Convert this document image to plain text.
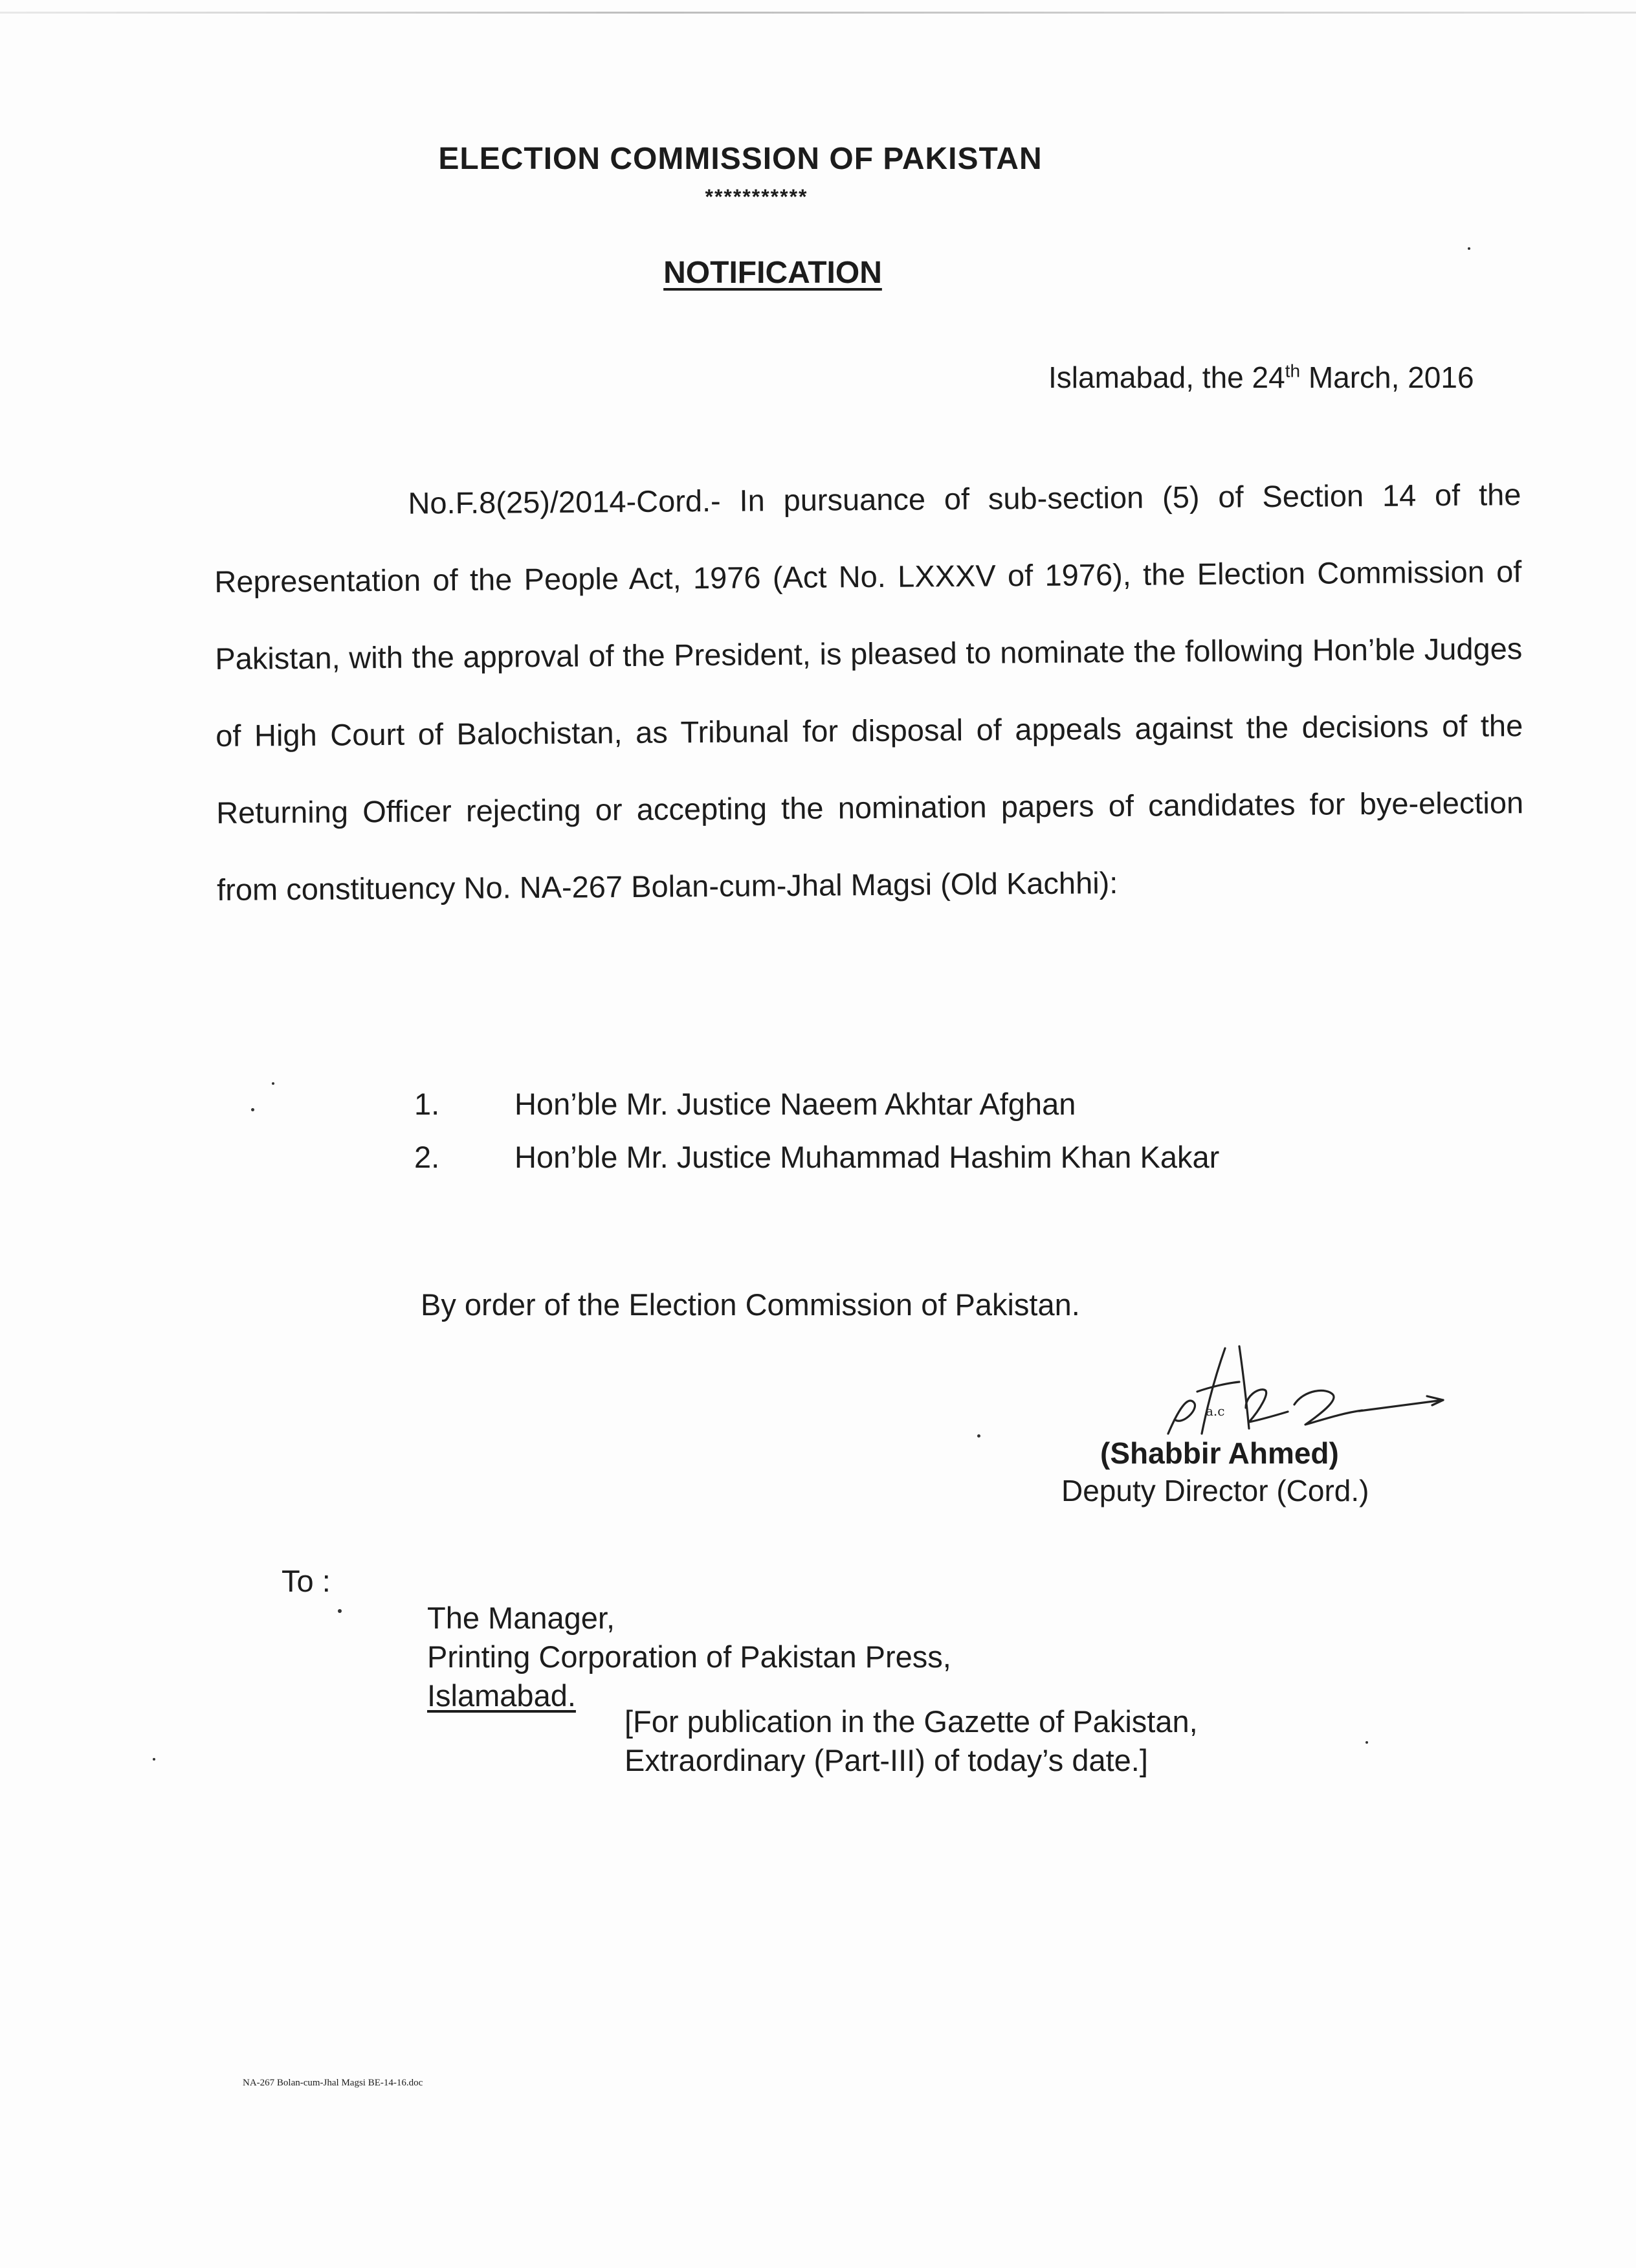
ELECTION COMMISSION OF PAKISTAN
***********
NOTIFICATION
Islamabad, the 24th March, 2016
No.F.8(25)/2014-Cord.- In pursuance of sub-section (5) of Section 14 of the Representation of the People Act, 1976 (Act No. LXXXV of 1976), the Election Commission of Pakistan, with the approval of the President, is pleased to nominate the following Hon’ble Judges of High Court of Balochistan, as Tribunal for disposal of appeals against the decisions of the Returning Officer rejecting or accepting the nomination papers of candidates for bye-election from constituency No. NA-267 Bolan-cum-Jhal Magsi (Old Kachhi):
1.	Hon’ble Mr. Justice Naeem Akhtar Afghan
2.	Hon’ble Mr. Justice Muhammad Hashim Khan Kakar
By order of the Election Commission of Pakistan.
a.c
(Shabbir Ahmed)
Deputy Director (Cord.)
To :
The Manager,
Printing Corporation of Pakistan Press,
Islamabad.
[For publication in the Gazette of Pakistan,
Extraordinary (Part-III) of today’s date.]
NA-267 Bolan-cum-Jhal Magsi BE-14-16.doc
